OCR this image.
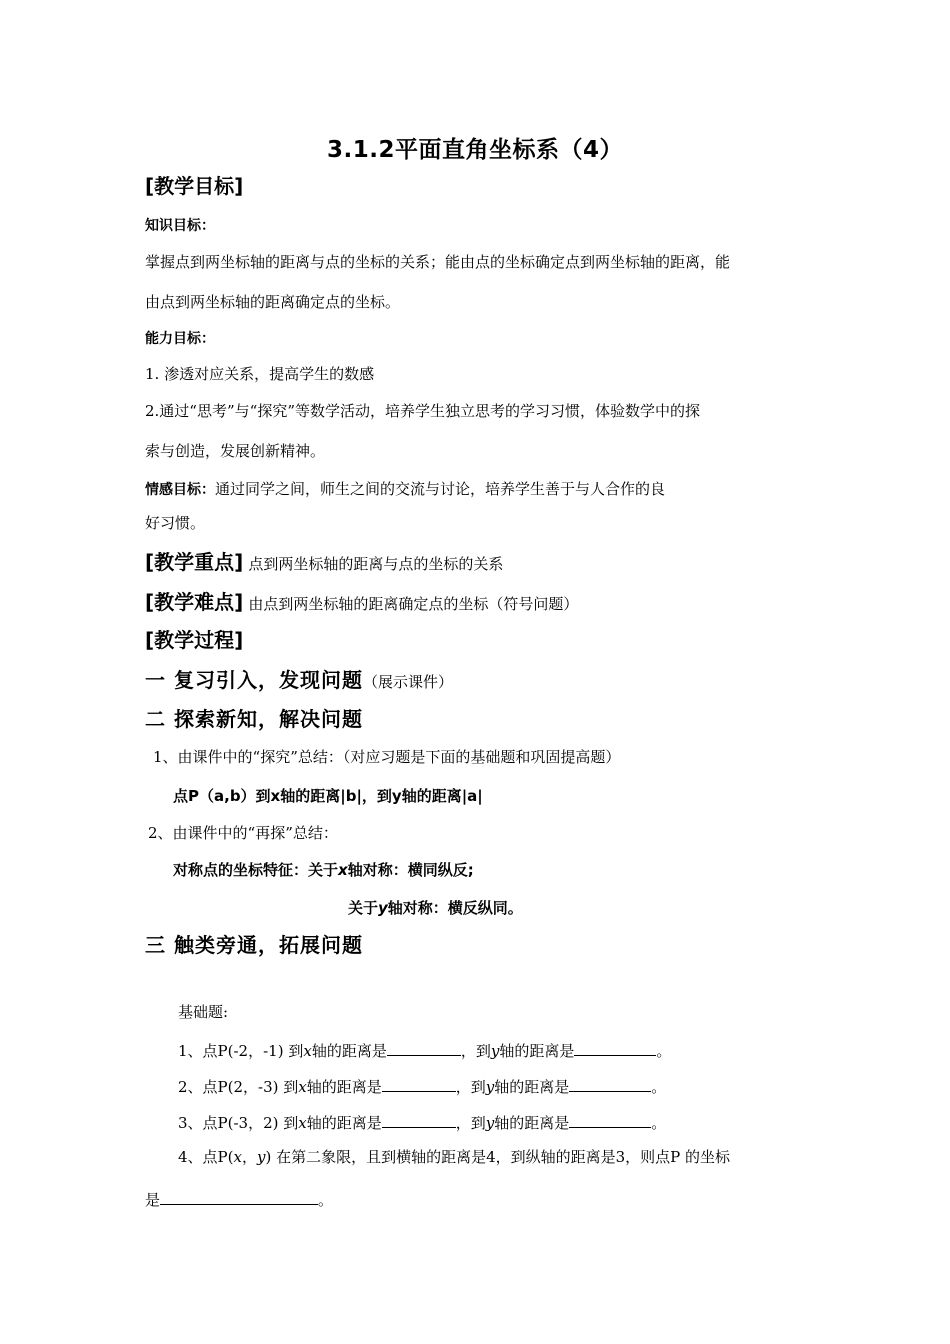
3.1.2平面直角坐标系（4）
[教学目标]
知识目标：
掌握点到两坐标轴的距离与点的坐标的关系；能由点的坐标确定点到两坐标轴的距离，能
由点到两坐标轴的距离确定点的坐标。
能力目标：
1. 渗透对应关系，提高学生的数感
2.通过“思考”与“探究”等数学活动，培养学生独立思考的学习习惯，体验数学中的探
索与创造，发展创新精神。
情感目标：通过同学之间，师生之间的交流与讨论，培养学生善于与人合作的良
好习惯。
[教学重点] 点到两坐标轴的距离与点的坐标的关系
[教学难点] 由点到两坐标轴的距离确定点的坐标（符号问题）
[教学过程]
一 复习引入，发现问题（展示课件）
二 探索新知，解决问题
1、由课件中的“探究”总结：（对应习题是下面的基础题和巩固提高题）
点P（a,b）到x轴的距离|b|，到y轴的距离|a|
2、由课件中的“再探”总结：
对称点的坐标特征：关于x轴对称：横同纵反;
关于y轴对称：横反纵同。
三 触类旁通，拓展问题
基础题:
1、点P(-2，-1) 到x轴的距离是	，到y轴的距离是	。
2、点P(2，-3) 到x轴的距离是	，到y轴的距离是	。
3、点P(-3，2) 到x轴的距离是	，到y轴的距离是	。
4、点P(x，y) 在第二象限，且到横轴的距离是4，到纵轴的距离是3，则点P 的坐标
是	。
